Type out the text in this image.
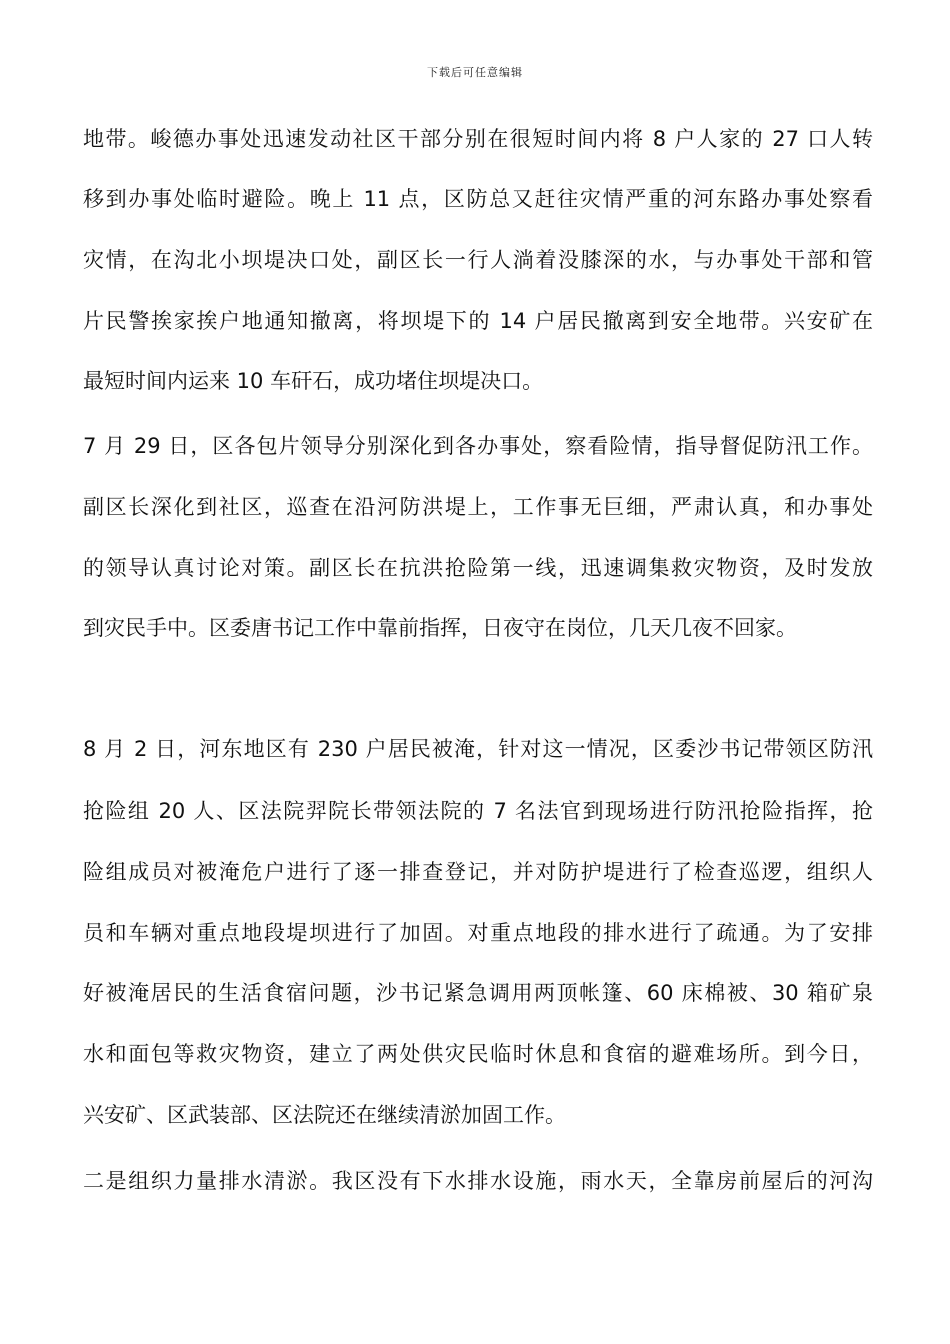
下载后可任意编辑
地带。峻德办事处迅速发动社区干部分别在很短时间内将 8 户人家的 27 口人转
移到办事处临时避险。晚上 11 点，区防总又赶往灾情严重的河东路办事处察看
灾情，在沟北小坝堤决口处，副区长一行人淌着没膝深的水，与办事处干部和管
片民警挨家挨户地通知撤离，将坝堤下的 14 户居民撤离到安全地带。兴安矿在
最短时间内运来 10 车矸石，成功堵住坝堤决口。
7 月 29 日，区各包片领导分别深化到各办事处，察看险情，指导督促防汛工作。
副区长深化到社区，巡查在沿河防洪堤上，工作事无巨细，严肃认真，和办事处
的领导认真讨论对策。副区长在抗洪抢险第一线，迅速调集救灾物资，及时发放
到灾民手中。区委唐书记工作中靠前指挥，日夜守在岗位，几天几夜不回家。
8 月 2 日，河东地区有 230 户居民被淹，针对这一情况，区委沙书记带领区防汛
抢险组 20 人、区法院羿院长带领法院的 7 名法官到现场进行防汛抢险指挥，抢
险组成员对被淹危户进行了逐一排查登记，并对防护堤进行了检查巡逻，组织人
员和车辆对重点地段堤坝进行了加固。对重点地段的排水进行了疏通。为了安排
好被淹居民的生活食宿问题，沙书记紧急调用两顶帐篷、60 床棉被、30 箱矿泉
水和面包等救灾物资，建立了两处供灾民临时休息和食宿的避难场所。到今日，
兴安矿、区武装部、区法院还在继续清淤加固工作。
二是组织力量排水清淤。我区没有下水排水设施，雨水天，全靠房前屋后的河沟
